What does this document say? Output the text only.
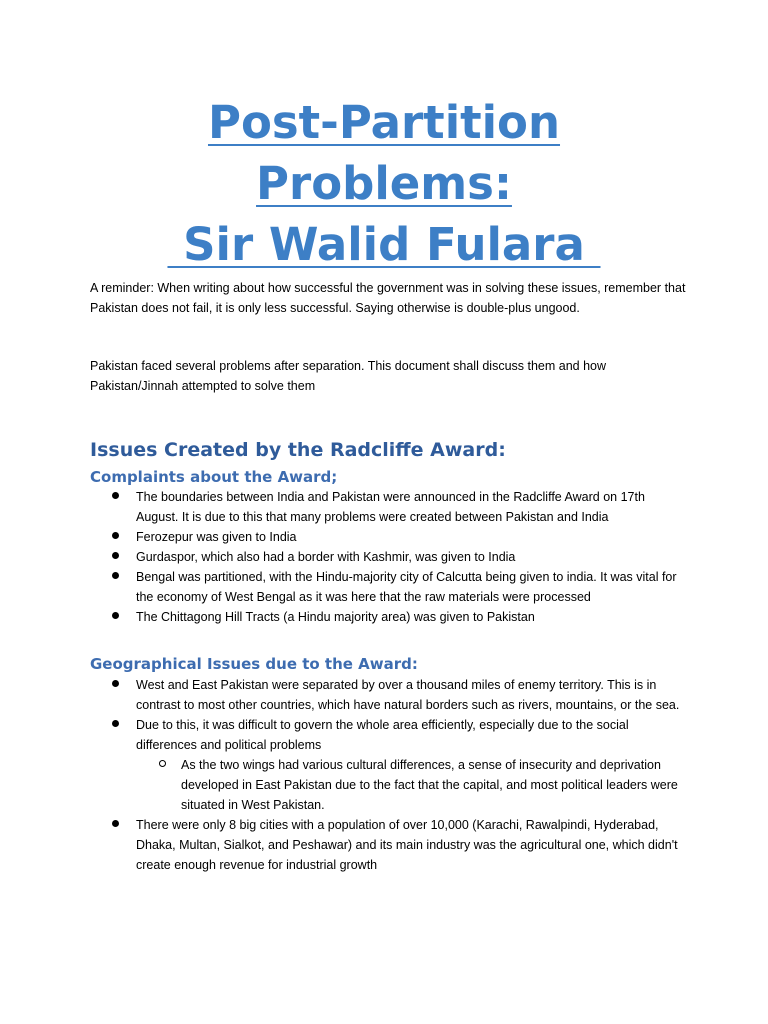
Post-Partition
Problems:
Sir Walid Fulara

A reminder: When writing about how successful the government was in solving these issues, remember that Pakistan does not fail, it is only less successful. Saying otherwise is double-plus ungood.

Pakistan faced several problems after separation. This document shall discuss them and how Pakistan/Jinnah attempted to solve them

Issues Created by the Radcliffe Award:
Complaints about the Award;
The boundaries between India and Pakistan were announced in the Radcliffe Award on 17th August. It is due to this that many problems were created between Pakistan and India
Ferozepur was given to India
Gurdaspor, which also had a border with Kashmir, was given to India
Bengal was partitioned, with the Hindu-majority city of Calcutta being given to india. It was vital for the economy of West Bengal as it was here that the raw materials were processed
The Chittagong Hill Tracts (a Hindu majority area) was given to Pakistan
Geographical Issues due to the Award:
West and East Pakistan were separated by over a thousand miles of enemy territory. This is in contrast to most other countries, which have natural borders such as rivers, mountains, or the sea.
Due to this, it was difficult to govern the whole area efficiently, especially due to the social differences and political problems
As the two wings had various cultural differences, a sense of insecurity and deprivation developed in East Pakistan due to the fact that the capital, and most political leaders were situated in West Pakistan.
There were only 8 big cities with a population of over 10,000 (Karachi, Rawalpindi, Hyderabad, Dhaka, Multan, Sialkot, and Peshawar) and its main industry was the agricultural one, which didn't create enough revenue for industrial growth
